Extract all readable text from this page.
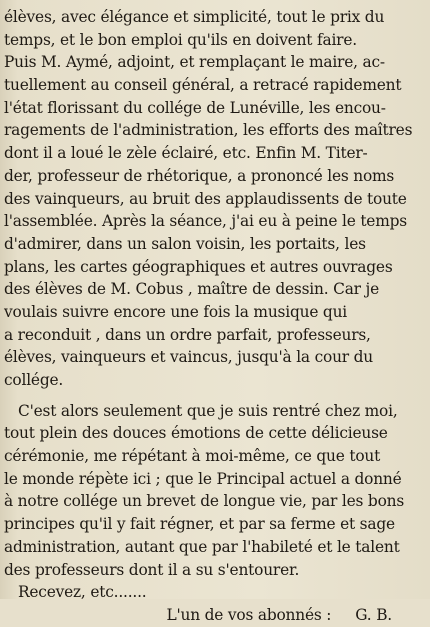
élèves, avec élégance et simplicité, tout le prix du
temps, et le bon emploi qu'ils en doivent faire.
Puis M. Aymé, adjoint, et remplaçant le maire, ac-
tuellement au conseil général, a retracé rapidement
l'état florissant du collége de Lunéville, les encou-
ragements de l'administration, les efforts des maîtres
dont il a loué le zèle éclairé, etc. Enfin M. Titer-
der, professeur de rhétorique, a prononcé les noms
des vainqueurs, au bruit des applaudissents de toute
l'assemblée. Après la séance, j'ai eu à peine le temps
d'admirer, dans un salon voisin, les portaits, les
plans, les cartes géographiques et autres ouvrages
des élèves de M. Cobus , maître de dessin. Car je
voulais suivre encore une fois la musique qui
a reconduit , dans un ordre parfait, professeurs,
élèves, vainqueurs et vaincus, jusqu'à la cour du
collége.
C'est alors seulement que je suis rentré chez moi,
tout plein des douces émotions de cette délicieuse
cérémonie, me répétant à moi-même, ce que tout
le monde répète ici ; que le Principal actuel a donné
à notre collége un brevet de longue vie, par les bons
principes qu'il y fait régner, et par sa ferme et sage
administration, autant que par l'habileté et le talent
des professeurs dont il a su s'entourer.
Recevez, etc.......
L'un de vos abonnés : G. B.
